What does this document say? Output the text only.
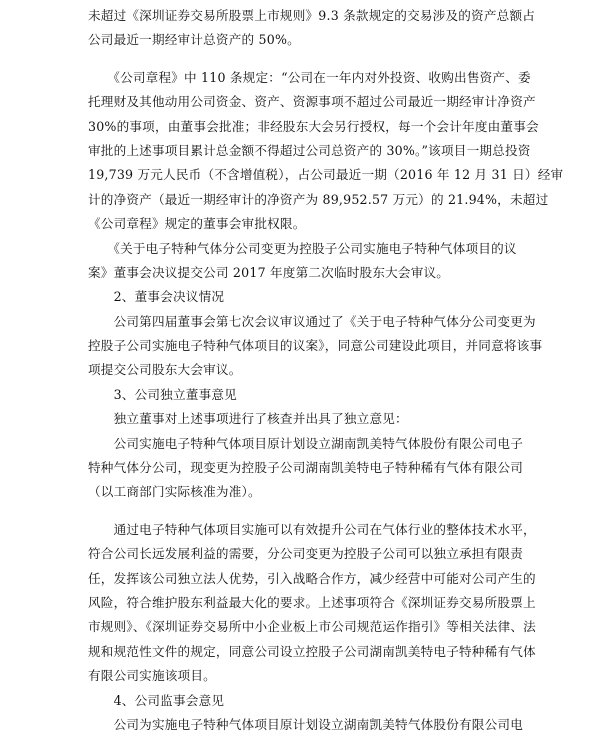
未超过《深圳证券交易所股票上市规则》9.3 条款规定的交易涉及的资产总额占
公司最近一期经审计总资产的 50%。
　　《公司章程》中 110 条规定：“公司在一年内对外投资、收购出售资产、委
托理财及其他动用公司资金、资产、资源事项不超过公司最近一期经审计净资产
30%的事项，由董事会批准；非经股东大会另行授权，每一个会计年度由董事会
审批的上述事项目累计总金额不得超过公司总资产的 30%。”该项目一期总投资
19,739 万元人民币（不含增值税），占公司最近一期（2016 年 12 月 31 日）经审
计的净资产（最近一期经审计的净资产为 89,952.57 万元）的 21.94%，未超过
《公司章程》规定的董事会审批权限。
　　《关于电子特种气体分公司变更为控股子公司实施电子特种气体项目的议
案》董事会决议提交公司 2017 年度第二次临时股东大会审议。
　　2、董事会决议情况
　　公司第四届董事会第七次会议审议通过了《关于电子特种气体分公司变更为
控股子公司实施电子特种气体项目的议案》，同意公司建设此项目，并同意将该事
项提交公司股东大会审议。
　　3、公司独立董事意见
　　独立董事对上述事项进行了核查并出具了独立意见：
　　公司实施电子特种气体项目原计划设立湖南凯美特气体股份有限公司电子
特种气体分公司，现变更为控股子公司湖南凯美特电子特种稀有气体有限公司
（以工商部门实际核准为准）。
　　通过电子特种气体项目实施可以有效提升公司在气体行业的整体技术水平，
符合公司长远发展利益的需要，分公司变更为控股子公司可以独立承担有限责
任，发挥该公司独立法人优势，引入战略合作方，减少经营中可能对公司产生的
风险，符合维护股东利益最大化的要求。上述事项符合《深圳证券交易所股票上
市规则》、《深圳证券交易所中小企业板上市公司规范运作指引》等相关法律、法
规和规范性文件的规定，同意公司设立控股子公司湖南凯美特电子特种稀有气体
有限公司实施该项目。
　　4、公司监事会意见
　　公司为实施电子特种气体项目原计划设立湖南凯美特气体股份有限公司电
